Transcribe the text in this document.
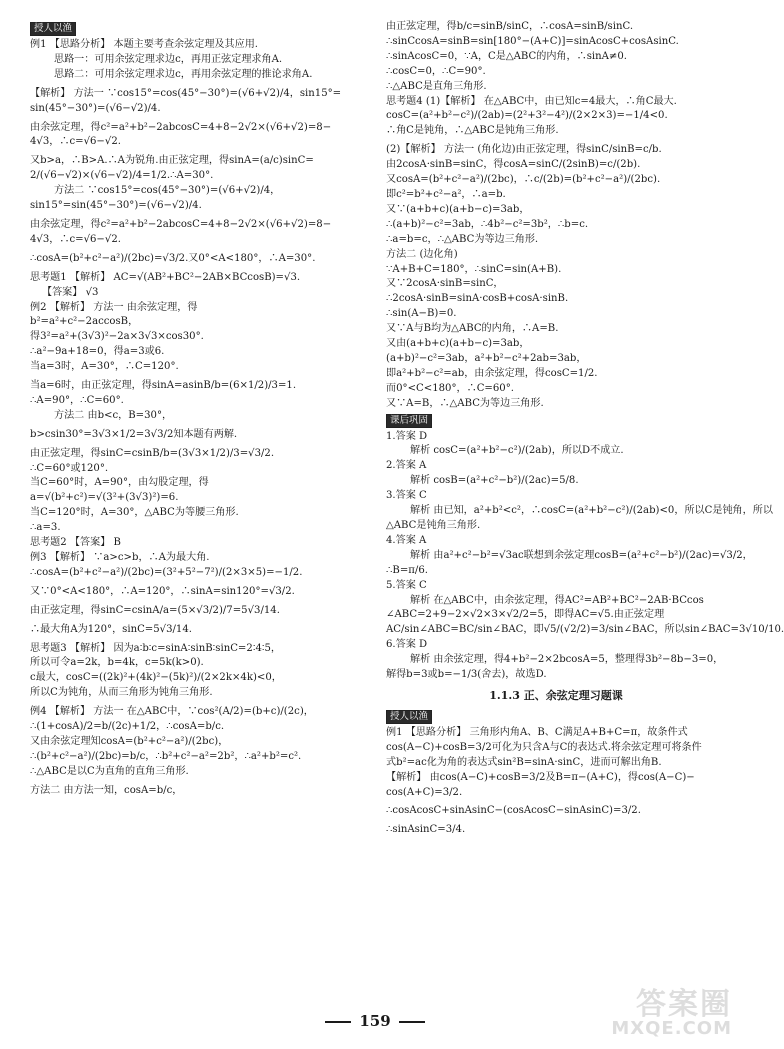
授人以渔

例1 【思路分析】 本题主要考查余弦定理及其应用.

思路一：可用余弦定理求边c，再用正弦定理求角A.

思路二：可用余弦定理求边c，再用余弦定理的推论求角A.

【解析】 方法一 ∵cos15°=cos(45°−30°)=(√6+√2)/4，sin15°=

sin(45°−30°)=(√6−√2)/4.

由余弦定理，得c²=a²+b²−2abcosC=4+8−2√2×(√6+√2)=8−

4√3，∴c=√6−√2.

又b>a，∴B>A.∴A为锐角.由正弦定理，得sinA=(a/c)sinC=

2/(√6−√2)×(√6−√2)/4=1/2.∴A=30°.

方法二 ∵cos15°=cos(45°−30°)=(√6+√2)/4，

sin15°=sin(45°−30°)=(√6−√2)/4.

由余弦定理，得c²=a²+b²−2abcosC=4+8−2√2×(√6+√2)=8−

4√3，∴c=√6−√2.

∴cosA=(b²+c²−a²)/(2bc)=√3/2.又0°<A<180°，∴A=30°.

思考题1 【解析】 AC=√(AB²+BC²−2AB×BCcosB)=√3.

【答案】 √3

例2 【解析】 方法一 由余弦定理，得

b²=a²+c²−2accosB，

得3²=a²+(3√3)²−2a×3√3×cos30°.

∴a²−9a+18=0，得a=3或6.

当a=3时，A=30°，∴C=120°.

当a=6时，由正弦定理，得sinA=asinB/b=(6×1/2)/3=1.

∴A=90°，∴C=60°.

方法二 由b<c，B=30°，

b>csin30°=3√3×1/2=3√3/2知本题有两解.

由正弦定理，得sinC=csinB/b=(3√3×1/2)/3=√3/2.

∴C=60°或120°.

当C=60°时，A=90°，由勾股定理，得

a=√(b²+c²)=√(3²+(3√3)²)=6.

当C=120°时，A=30°，△ABC为等腰三角形.

∴a=3.

思考题2 【答案】 B

例3 【解析】 ∵a>c>b，∴A为最大角.

∴cosA=(b²+c²−a²)/(2bc)=(3²+5²−7²)/(2×3×5)=−1/2.

又∵0°<A<180°，∴A=120°，∴sinA=sin120°=√3/2.

由正弦定理，得sinC=csinA/a=(5×√3/2)/7=5√3/14.

∴最大角A为120°，sinC=5√3/14.

思考题3 【解析】 因为a∶b∶c=sinA∶sinB∶sinC=2∶4∶5，

所以可令a=2k，b=4k，c=5k(k>0).

c最大，cosC=((2k)²+(4k)²−(5k)²)/(2×2k×4k)<0，

所以C为钝角，从而三角形为钝角三角形.

例4 【解析】 方法一 在△ABC中，∵cos²(A/2)=(b+c)/(2c)，

∴(1+cosA)/2=b/(2c)+1/2，∴cosA=b/c.

又由余弦定理知cosA=(b²+c²−a²)/(2bc)，

∴(b²+c²−a²)/(2bc)=b/c，∴b²+c²−a²=2b²，∴a²+b²=c².

∴△ABC是以C为直角的直角三角形.

方法二 由方法一知，cosA=b/c，

由正弦定理，得b/c=sinB/sinC，∴cosA=sinB/sinC.

∴sinCcosA=sinB=sin[180°−(A+C)]=sinAcosC+cosAsinC.

∴sinAcosC=0，∵A，C是△ABC的内角，∴sinA≠0.

∴cosC=0，∴C=90°.

∴△ABC是直角三角形.

思考题4 (1)【解析】 在△ABC中，由已知c=4最大，∴角C最大.

cosC=(a²+b²−c²)/(2ab)=(2²+3²−4²)/(2×2×3)=−1/4<0.

∴角C是钝角，∴△ABC是钝角三角形.

(2)【解析】 方法一 (角化边)由正弦定理，得sinC/sinB=c/b.

由2cosA·sinB=sinC，得cosA=sinC/(2sinB)=c/(2b).

又cosA=(b²+c²−a²)/(2bc)，∴c/(2b)=(b²+c²−a²)/(2bc).

即c²=b²+c²−a²，∴a=b.

又∵(a+b+c)(a+b−c)=3ab，

∴(a+b)²−c²=3ab，∴4b²−c²=3b²，∴b=c.

∴a=b=c，∴△ABC为等边三角形.

方法二 (边化角)

∵A+B+C=180°，∴sinC=sin(A+B).

又∵2cosA·sinB=sinC，

∴2cosA·sinB=sinA·cosB+cosA·sinB.

∴sin(A−B)=0.

又∵A与B均为△ABC的内角，∴A=B.

又由(a+b+c)(a+b−c)=3ab，

(a+b)²−c²=3ab，a²+b²−c²+2ab=3ab，

即a²+b²−c²=ab，由余弦定理，得cosC=1/2.

而0°<C<180°，∴C=60°.

又∵A=B，∴△ABC为等边三角形.

课后巩固

1.答案 D

解析 cosC=(a²+b²−c²)/(2ab)，所以D不成立.

2.答案 A

解析 cosB=(a²+c²−b²)/(2ac)=5/8.

3.答案 C

解析 由已知，a²+b²<c²，∴cosC=(a²+b²−c²)/(2ab)<0，所以C是钝角，所以

△ABC是钝角三角形.

4.答案 A

解析 由a²+c²−b²=√3ac联想到余弦定理cosB=(a²+c²−b²)/(2ac)=√3/2，

∴B=π/6.

5.答案 C

解析 在△ABC中，由余弦定理，得AC²=AB²+BC²−2AB·BCcos

∠ABC=2+9−2×√2×3×√2/2=5，即得AC=√5.由正弦定理

AC/sin∠ABC=BC/sin∠BAC，即√5/(√2/2)=3/sin∠BAC，所以sin∠BAC=3√10/10.

6.答案 D

解析 由余弦定理，得4+b²−2×2bcosA=5，整理得3b²−8b−3=0，

解得b=3或b=−1/3(舍去)，故选D.

1.1.3 正、余弦定理习题课

授人以渔

例1 【思路分析】 三角形内角A、B、C满足A+B+C=π，故条件式

cos(A−C)+cosB=3/2可化为只含A与C的表达式.将余弦定理可将条件

式b²=ac化为角的表达式sin²B=sinA·sinC，进而可解出角B.

【解析】 由cos(A−C)+cosB=3/2及B=π−(A+C)，得cos(A−C)−

cos(A+C)=3/2.

∴cosAcosC+sinAsinC−(cosAcosC−sinAsinC)=3/2.

∴sinAsinC=3/4.

159	答案圈
MXQE.COM
